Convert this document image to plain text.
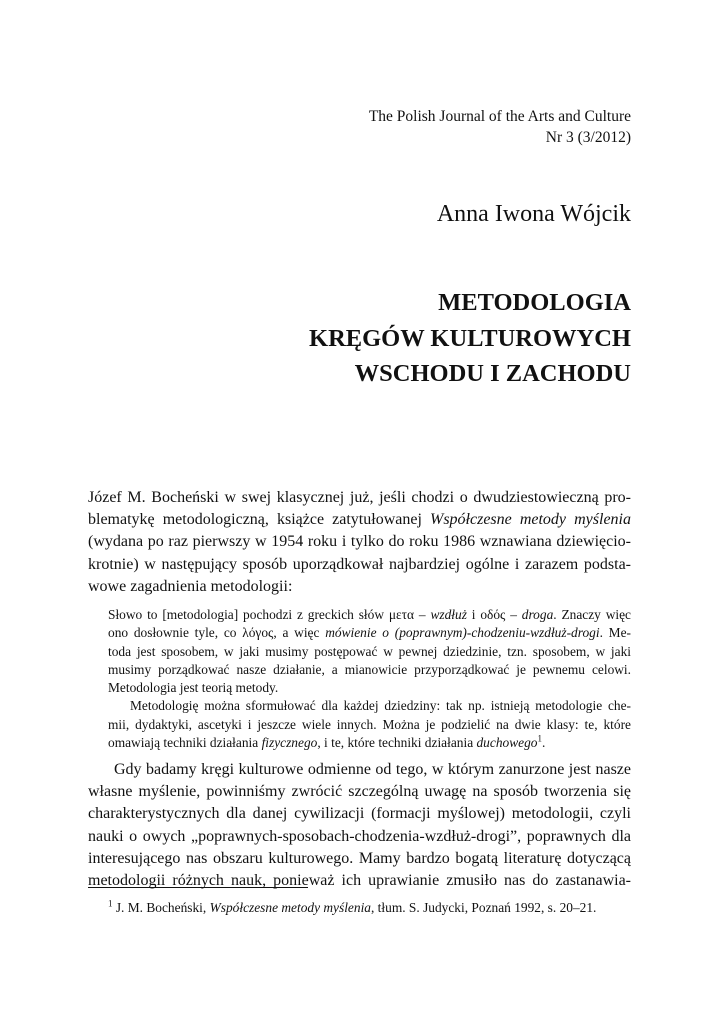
The Polish Journal of the Arts and Culture
Nr 3 (3/2012)
Anna Iwona Wójcik
METODOLOGIA
KRĘGÓW KULTUROWYCH
WSCHODU I ZACHODU
Józef M. Bocheński w swej klasycznej już, jeśli chodzi o dwudziestowieczną pro-
blematykę metodologiczną, książce zatytułowanej Współczesne metody myślenia
(wydana po raz pierwszy w 1954 roku i tylko do roku 1986 wznawiana dziewięcio-
krotnie) w następujący sposób uporządkował najbardziej ogólne i zarazem podsta-
wowe zagadnienia metodologii:
Słowo to [metodologia] pochodzi z greckich słów μετα – wzdłuż i οδός – droga. Znaczy więc
ono dosłownie tyle, co λόγος, a więc mówienie o (poprawnym)-chodzeniu-wzdłuż-drogi. Me-
toda jest sposobem, w jaki musimy postępować w pewnej dziedzinie, tzn. sposobem, w jaki
musimy porządkować nasze działanie, a mianowicie przyporządkować je pewnemu celowi.
Metodologia jest teorią metody.
Metodologię można sformułować dla każdej dziedziny: tak np. istnieją metodologie che-
mii, dydaktyki, ascetyki i jeszcze wiele innych. Można je podzielić na dwie klasy: te, które
omawiają techniki działania fizycznego, i te, które techniki działania duchowego$^1$.
Gdy badamy kręgi kulturowe odmienne od tego, w którym zanurzone jest nasze
własne myślenie, powinniśmy zwrócić szczególną uwagę na sposób tworzenia się
charakterystycznych dla danej cywilizacji (formacji myślowej) metodologii, czyli
nauki o owych „poprawnych-sposobach-chodzenia-wzdłuż-drogi”, poprawnych dla
interesującego nas obszaru kulturowego. Mamy bardzo bogatą literaturę dotyczącą
metodologii różnych nauk, ponieważ ich uprawianie zmusiło nas do zastanawia-
$^1$ J. M. Bocheński, Współczesne metody myślenia, tłum. S. Judycki, Poznań 1992, s. 20–21.
